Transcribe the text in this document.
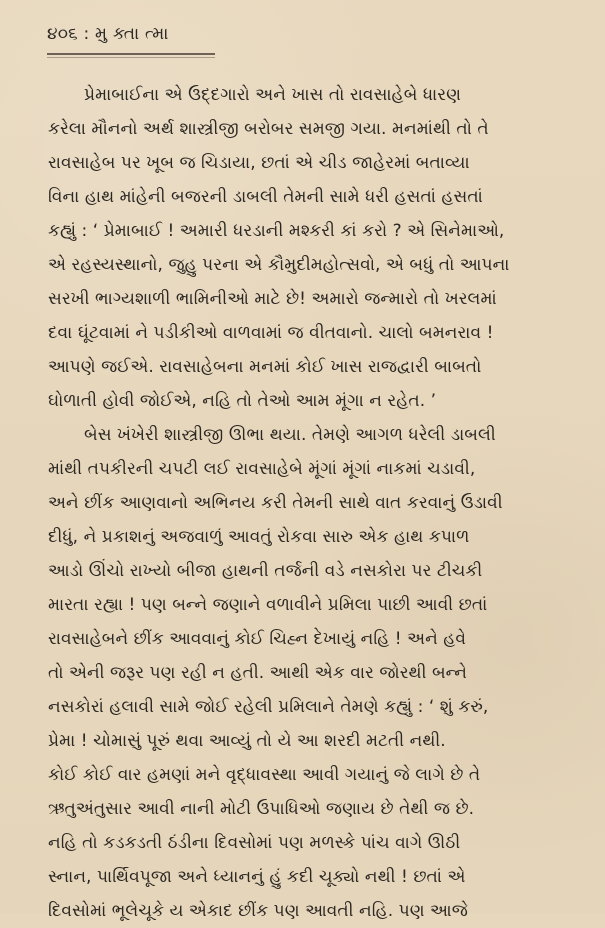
૪૦૬ : મુ ક્તા ત્મા
પ્રેમાબાઈના એ ઉદ્દગારો અને ખાસ તો રાવસાહેબે ધારણ
કરેલા મૌનનો અર્થ શાસ્ત્રીજી બરોબર સમજી ગયા. મનમાંથી તો તે
રાવસાહેબ પર ખૂબ જ ચિડાયા, છતાં એ ચીડ જાહેરમાં બતાવ્યા
વિના હાથ માંહેની બજરની ડાબલી તેમની સામે ધરી હસતાં હસતાં
કહ્યું : ‘ પ્રેમાબાઈ ! અમારી ધરડાની મશ્કરી કાં કરો ? એ સિનેમાઓ,
એ રહસ્યસ્થાનો, જુહુ પરના એ કૌમુદીમહોત્સવો, એ બધું તો આપના
સરખી ભાગ્યશાળી ભામિનીઓ માટે છે! અમારો જન્મારો તો ખરલમાં
દવા ઘૂંટવામાં ને પડીકીઓ વાળવામાં જ વીતવાનો. ચાલો બમનરાવ !
આપણે જઈએ. રાવસાહેબના મનમાં કોઈ ખાસ રાજદ્વારી બાબતો
ઘોળાતી હોવી જોઈએ, નહિ તો તેઓ આમ મૂંગા ન રહેત. ’
બેસ ખંખેરી શાસ્ત્રીજી ઊભા થયા. તેમણે આગળ ધરેલી ડાબલી
માંથી તપકીરની ચપટી લઈ રાવસાહેબે મૂંગાં મૂંગાં નાકમાં ચડાવી,
અને છીંક આણવાનો અભિનય કરી તેમની સાથે વાત કરવાનું ઉડાવી
દીધું, ને પ્રકાશનું અજવાળું આવતું રોકવા સારુ એક હાથ કપાળ
આડો ઊંચો રાખ્યો બીજા હાથની તર્જની વડે નસકોરા પર ટીચકી
મારતા રહ્યા ! પણ બન્ને જણાને વળાવીને પ્રમિલા પાછી આવી છતાં
રાવસાહેબને છીંક આવવાનું કોઈ ચિહ્ન દેખાયું નહિ ! અને હવે
તો એની જરૂર પણ રહી ન હતી. આથી એક વાર જોરથી બન્ને
નસકોરાં હલાવી સામે જોઈ રહેલી પ્રમિલાને તેમણે કહ્યું : ‘ શું કરું,
પ્રેમા ! ચોમાસું પૂરું થવા આવ્યું તો યે આ શરદી મટતી નથી.
કોઈ કોઈ વાર હમણાં મને વૃદ્ધાવસ્થા આવી ગયાનું જે લાગે છે તે
ઋતુઅંતુસાર આવી નાની મોટી ઉપાધિઓ જણાય છે તેથી જ છે.
નહિ તો કડકડતી ઠંડીના દિવસોમાં પણ મળસ્કે પાંચ વાગે ઊઠી
સ્નાન, પાર્થિવપૂજા અને ધ્યાનનું હું કદી ચૂક્યો નથી ! છતાં એ
દિવસોમાં ભૂલેચૂકે ય એકાદ છીંક પણ આવતી નહિ. પણ આજે
